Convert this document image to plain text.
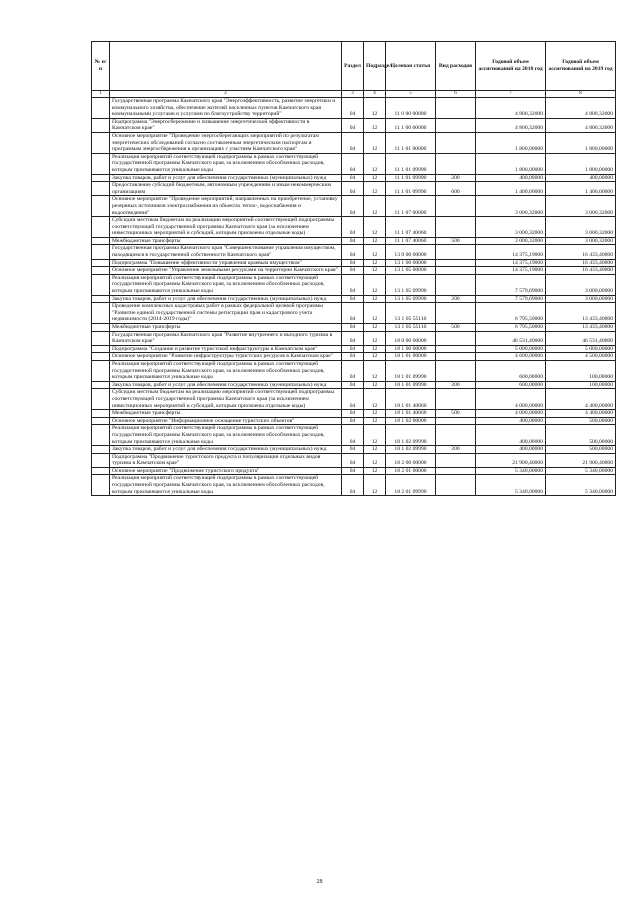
№ п/п		Раздел	Подраздел	Целевая статья	Вид расходов	Годовой объем ассигнований на 2018 год	Годовой объем ассигнований на 2019 год
1	2	3	4	5	6	7	8
	Государственная программа Камчатского края "Энергоэффективность, развитие энергетики и коммунального хозяйства, обеспечение жителей населенных пунктов Камчатского края коммунальными услугами и услугами по благоустройству территорий"	04	12	11 0 00 00000		4 800,32000	4 800,32000
	Подпрограмма "Энергосбережение и повышение энергетической эффективности в Камчатском крае"	04	12	11 1 00 00000		4 800,32000	4 800,32000
	Основное мероприятие "Проведение энергосберегающих мероприятий по результатам энергетических обследований согласно составленным энергетическим паспортам и программам энергосбережения в организациях с участием Камчатского края"	04	12	11 1 01 00000		1 800,00000	1 800,00000
	Реализация мероприятий соответствующей подпрограммы в рамках соответствующей государственной программы Камчатского края, за исключением обособленных расходов, которым присваиваются уникальные коды	04	12	11 1 01 09990		1 800,00000	1 800,00000
	Закупка товаров, работ и услуг для обеспечения государственных (муниципальных) нужд	04	12	11 1 01 09990	200	400,00000	400,00000
	Предоставление субсидий бюджетным, автономным учреждениям и иным некоммерческим организациям	04	12	11 1 01 09990	600	1 400,00000	1 400,00000
	Основное мероприятие "Проведение мероприятий, направленных на приобретение, установку резервных источников электроснабжения на объектах тепло-, водоснабжения и водоотведения"	04	12	11 1 07 00000		3 000,32000	3 000,32000
	Субсидии местным бюджетам на реализацию мероприятий соответствующей подпрограммы соответствующей государственной программы Камчатского края (за исключением инвестиционных мероприятий и субсидий, которым присвоены отдельные коды)	04	12	11 1 07 40060		3 000,32000	3 000,32000
	Межбюджетные трансферты	04	12	11 1 07 40060	500	3 000,32000	3 000,32000
	Государственная программа Камчатского края "Совершенствование управления имуществом, находящимся в государственной собственности Камчатского края"	04	12	13 0 00 00000		14 375,19000	16 433,40000
	Подпрограмма "Повышение эффективности управления краевым имуществом"	04	12	13 1 00 00000		14 375,19000	16 433,40000
	Основное мероприятие "Управление земельными ресурсами на территории Камчатского края"	04	12	13 1 05 00000		14 375,19000	16 433,40000
	Реализация мероприятий соответствующей подпрограммы в рамках соответствующей государственной программы Камчатского края, за исключением обособленных расходов, которым присваиваются уникальные коды	04	12	13 1 05 09990		7 579,69000	3 000,00000
	Закупка товаров, работ и услуг для обеспечения государственных (муниципальных) нужд	04	12	13 1 05 09990	200	7 579,69000	3 000,00000
	Проведение комплексных кадастровых работ в рамках федеральной целевой программы "Развитие единой государственной системы регистрации прав и кадастрового учета недвижимости (2014-2019 годы)"	04	12	13 1 05 55110		6 795,50000	13 433,40000
	Межбюджетные трансферты	04	12	13 1 05 55110	500	6 795,50000	13 433,40000
	Государственная программа Камчатского края "Развитие внутреннего и въездного туризма в Камчатском крае"	04	12	18 0 00 00000		46 531,40000	46 531,40000
	Подпрограмма "Создание и развитие туристской инфраструктуры в Камчатском крае"	04	12	18 1 00 00000		5 000,00000	5 000,00000
	Основное мероприятие "Развитие инфраструктуры туристских ресурсов в Камчатском крае"	04	12	18 1 01 00000		4 600,00000	4 500,00000
	Реализация мероприятий соответствующей подпрограммы в рамках соответствующей государственной программы Камчатского края, за исключением обособленных расходов, которым присваиваются уникальные коды	04	12	18 1 01 09990		600,00000	100,00000
	Закупка товаров, работ и услуг для обеспечения государственных (муниципальных) нужд	04	12	18 1 01 09990	200	600,00000	100,00000
	Субсидии местным бюджетам на реализацию мероприятий соответствующей подпрограммы соответствующей государственной программы Камчатского края (за исключением инвестиционных мероприятий и субсидий, которым присвоены отдельные коды)	04	12	18 1 01 40060		4 000,00000	4 400,00000
	Межбюджетные трансферты	04	12	18 1 01 40060	500	4 000,00000	4 400,00000
	Основное мероприятие "Информационное оснащение туристских объектов"	04	12	18 1 02 00000		400,00000	500,00000
	Реализация мероприятий соответствующей подпрограммы в рамках соответствующей государственной программы Камчатского края, за исключением обособленных расходов, которым присваиваются уникальные коды	04	12	18 1 02 09990		400,00000	500,00000
	Закупка товаров, работ и услуг для обеспечения государственных (муниципальных) нужд	04	12	18 1 02 09990	200	400,00000	500,00000
	Подпрограмма "Продвижение туристского продукта и популяризация отдельных видов туризма в Камчатском крае"	04	12	18 2 00 00000		21 900,40000	21 900,40000
	Основное мероприятие "Продвижение туристского продукта"	04	12	18 2 01 00000		5 340,00000	5 340,00000
	Реализация мероприятий соответствующей подпрограммы в рамках соответствующей государственной программы Камчатского края, за исключением обособленных расходов, которым присваиваются уникальные коды	04	12	18 2 01 09990		5 340,00000	5 340,00000
28
